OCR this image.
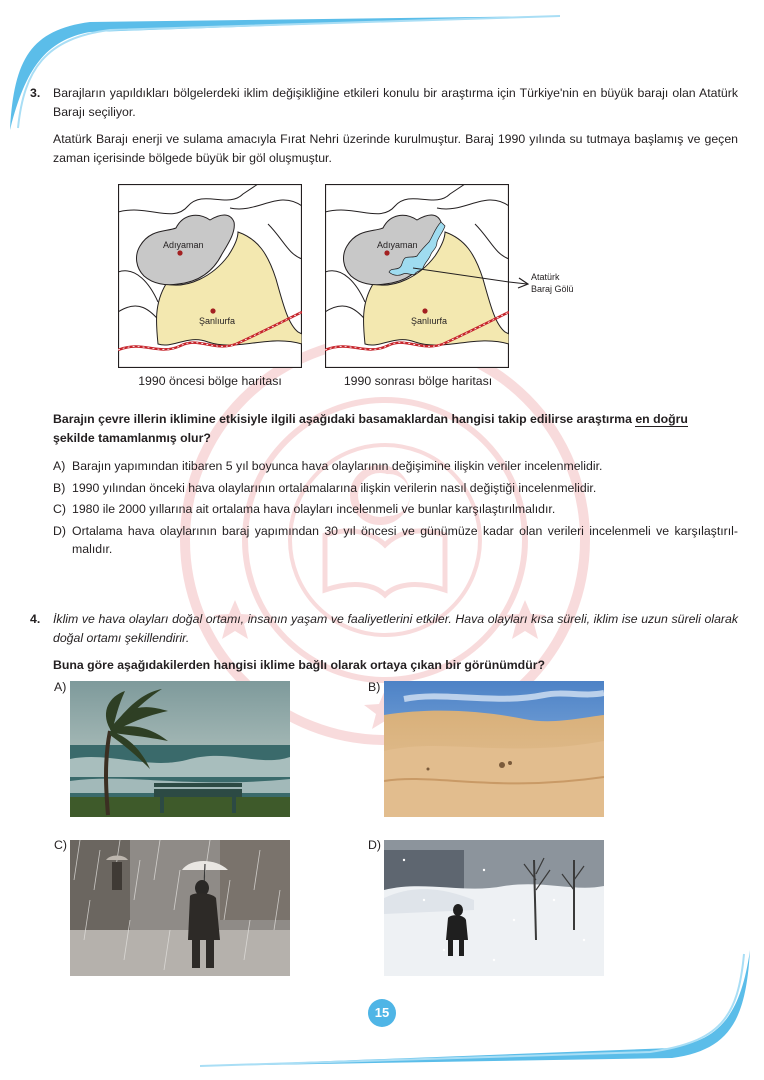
3. Barajların yapıldıkları bölgelerdeki iklim değişikliğine etkileri konulu bir araştırma için Türkiye'nin en büyük barajı olan Atatürk Barajı seçiliyor.

Atatürk Barajı enerji ve sulama amacıyla Fırat Nehri üzerinde kurulmuştur. Baraj 1990 yılında su tutmaya başlamış ve geçen zaman içerisinde bölgede büyük bir göl oluşmuştur.

Adıyaman
Şanlıurfa
1990 öncesi bölge haritası
Adıyaman
Şanlıurfa
Atatürk
Baraj Gölü
1990 sonrası bölge haritası

Barajın çevre illerin iklimine etkisiyle ilgili aşağıdaki basamaklardan hangisi takip edilirse araştırma en doğru
şekilde tamamlanmış olur?

A) Barajın yapımından itibaren 5 yıl boyunca hava olaylarının değişimine ilişkin veriler incelenmelidir.
B) 1990 yılından önceki hava olaylarının ortalamalarına ilişkin verilerin nasıl değiştiği incelenmelidir.
C) 1980 ile 2000 yıllarına ait ortalama hava olayları incelenmeli ve bunlar karşılaştırılmalıdır.
D) Ortalama hava olaylarının baraj yapımından 30 yıl öncesi ve günümüze kadar olan verileri incelenmeli ve karşılaştırıl-malıdır.
4. İklim ve hava olayları doğal ortamı, insanın yaşam ve faaliyetlerini etkiler. Hava olayları kısa süreli, iklim ise uzun süreli olarak doğal ortamı şekillendirir.

Buna göre aşağıdakilerden hangisi iklime bağlı olarak ortaya çıkan bir görünümdür?

A)	B)
C)	D)
15
